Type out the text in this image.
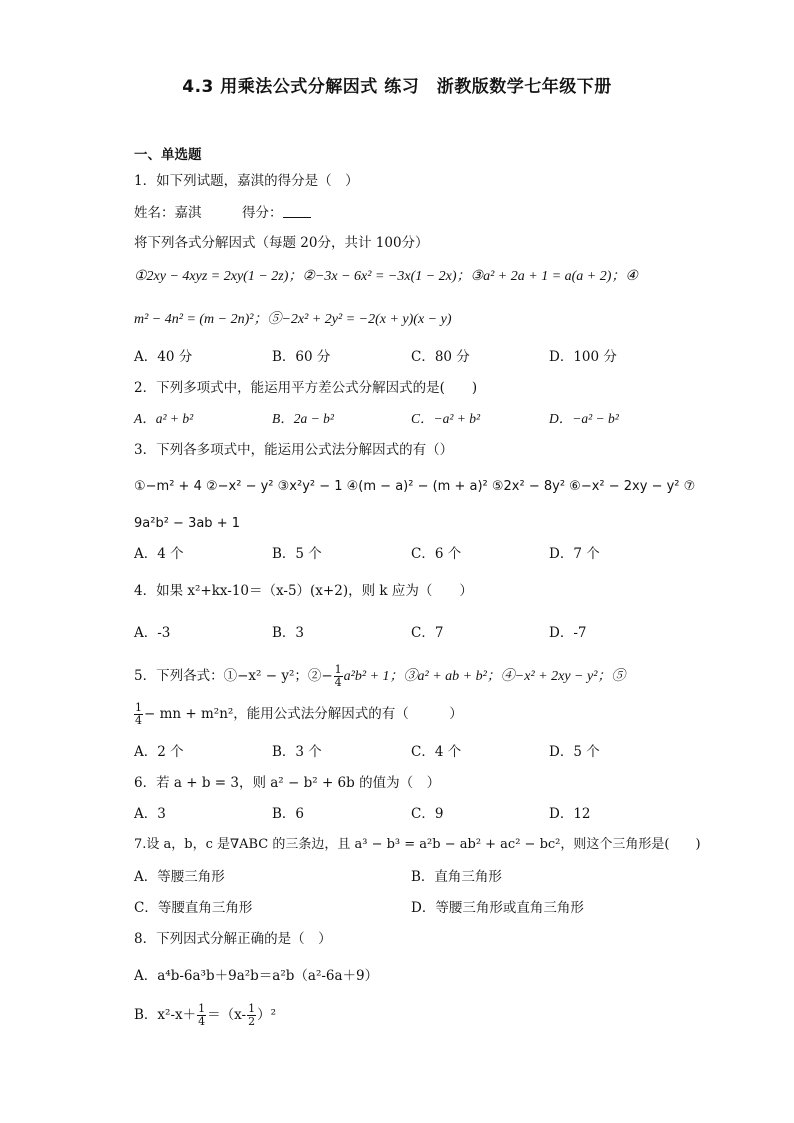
4.3 用乘法公式分解因式 练习　浙教版数学七年级下册
一、单选题
1．如下列试题，嘉淇的得分是（　）
姓名：嘉淇　　　得分：
将下列各式分解因式（每题 20分，共计 100分）
①2xy − 4xyz = 2xy(1 − 2z)；②−3x − 6x² = −3x(1 − 2x)；③a² + 2a + 1 = a(a + 2)；④
m² − 4n² = (m − 2n)²；⑤−2x² + 2y² = −2(x + y)(x − y)
A．40 分	B．60 分	C．80 分	D．100 分
2．下列多项式中，能运用平方差公式分解因式的是(　　)
A．a² + b²	B．2a − b²	C．−a² + b²	D．−a² − b²
3．下列各多项式中，能运用公式法分解因式的有（）
①−m² + 4 ②−x² − y² ③x²y² − 1 ④(m − a)² − (m + a)² ⑤2x² − 8y² ⑥−x² − 2xy − y² ⑦
9a²b² − 3ab + 1
A．4 个	B．5 个	C．6 个	D．7 个
4．如果 x²+kx-10＝（x-5）(x+2)，则 k 应为（　　）
A．-3	B．3	C．7	D．-7
5．下列各式：①−x² − y²；②− $\frac{1}{4} a^2b^2 + 1$；③a² + ab + b²；④−x² + 2xy − y²；⑤
$\frac{1}{4}$ − mn + m²n²，能用公式法分解因式的有（　　　）
A．2 个	B．3 个	C．4 个	D．5 个
6．若 a + b = 3，则 a² − b² + 6b 的值为（　）
A．3	B．6	C．9	D．12
7.设 a，b，c 是∇ABC 的三条边，且 a³ − b³ = a²b − ab² + ac² − bc²，则这个三角形是(　　)
A．等腰三角形	B．直角三角形
C．等腰直角三角形	D．等腰三角形或直角三角形
8．下列因式分解正确的是（　）
A．a⁴b-6a³b＋9a²b＝a²b（a²-6a＋9）
B．$x^2-x+ \frac{1}{4} =(x- \frac{1}{2} )^2$
